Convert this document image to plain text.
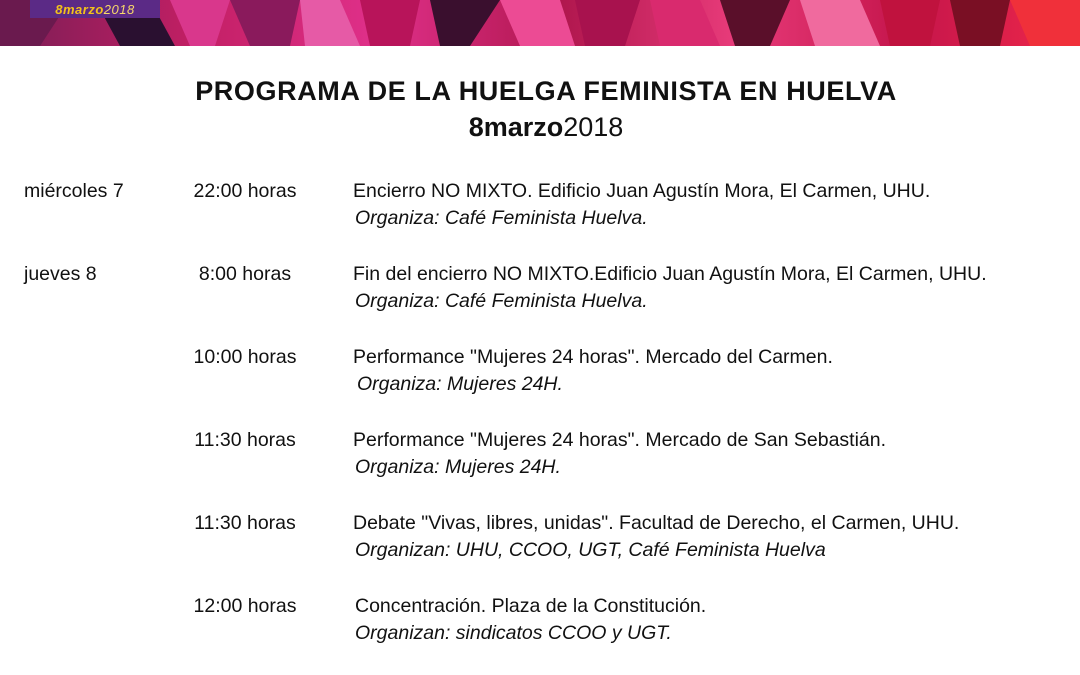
8marzo2018
PROGRAMA DE LA HUELGA FEMINISTA EN HUELVA
8marzo2018
miércoles 7	22:00 horas	Encierro NO MIXTO. Edificio Juan Agustín Mora, El Carmen, UHU.
Organiza: Café Feminista Huelva.
jueves 8	8:00 horas	Fin del encierro NO MIXTO.Edificio Juan Agustín Mora, El Carmen, UHU.
Organiza: Café Feminista Huelva.
10:00 horas	Performance "Mujeres 24 horas". Mercado del Carmen.
Organiza: Mujeres 24H.
11:30 horas	Performance "Mujeres 24 horas". Mercado de San Sebastián.
Organiza: Mujeres 24H.
11:30 horas	Debate "Vivas, libres, unidas". Facultad de Derecho, el Carmen, UHU.
Organizan: UHU, CCOO, UGT, Café Feminista Huelva
12:00 horas	Concentración. Plaza de la Constitución.
Organizan: sindicatos CCOO y UGT.
